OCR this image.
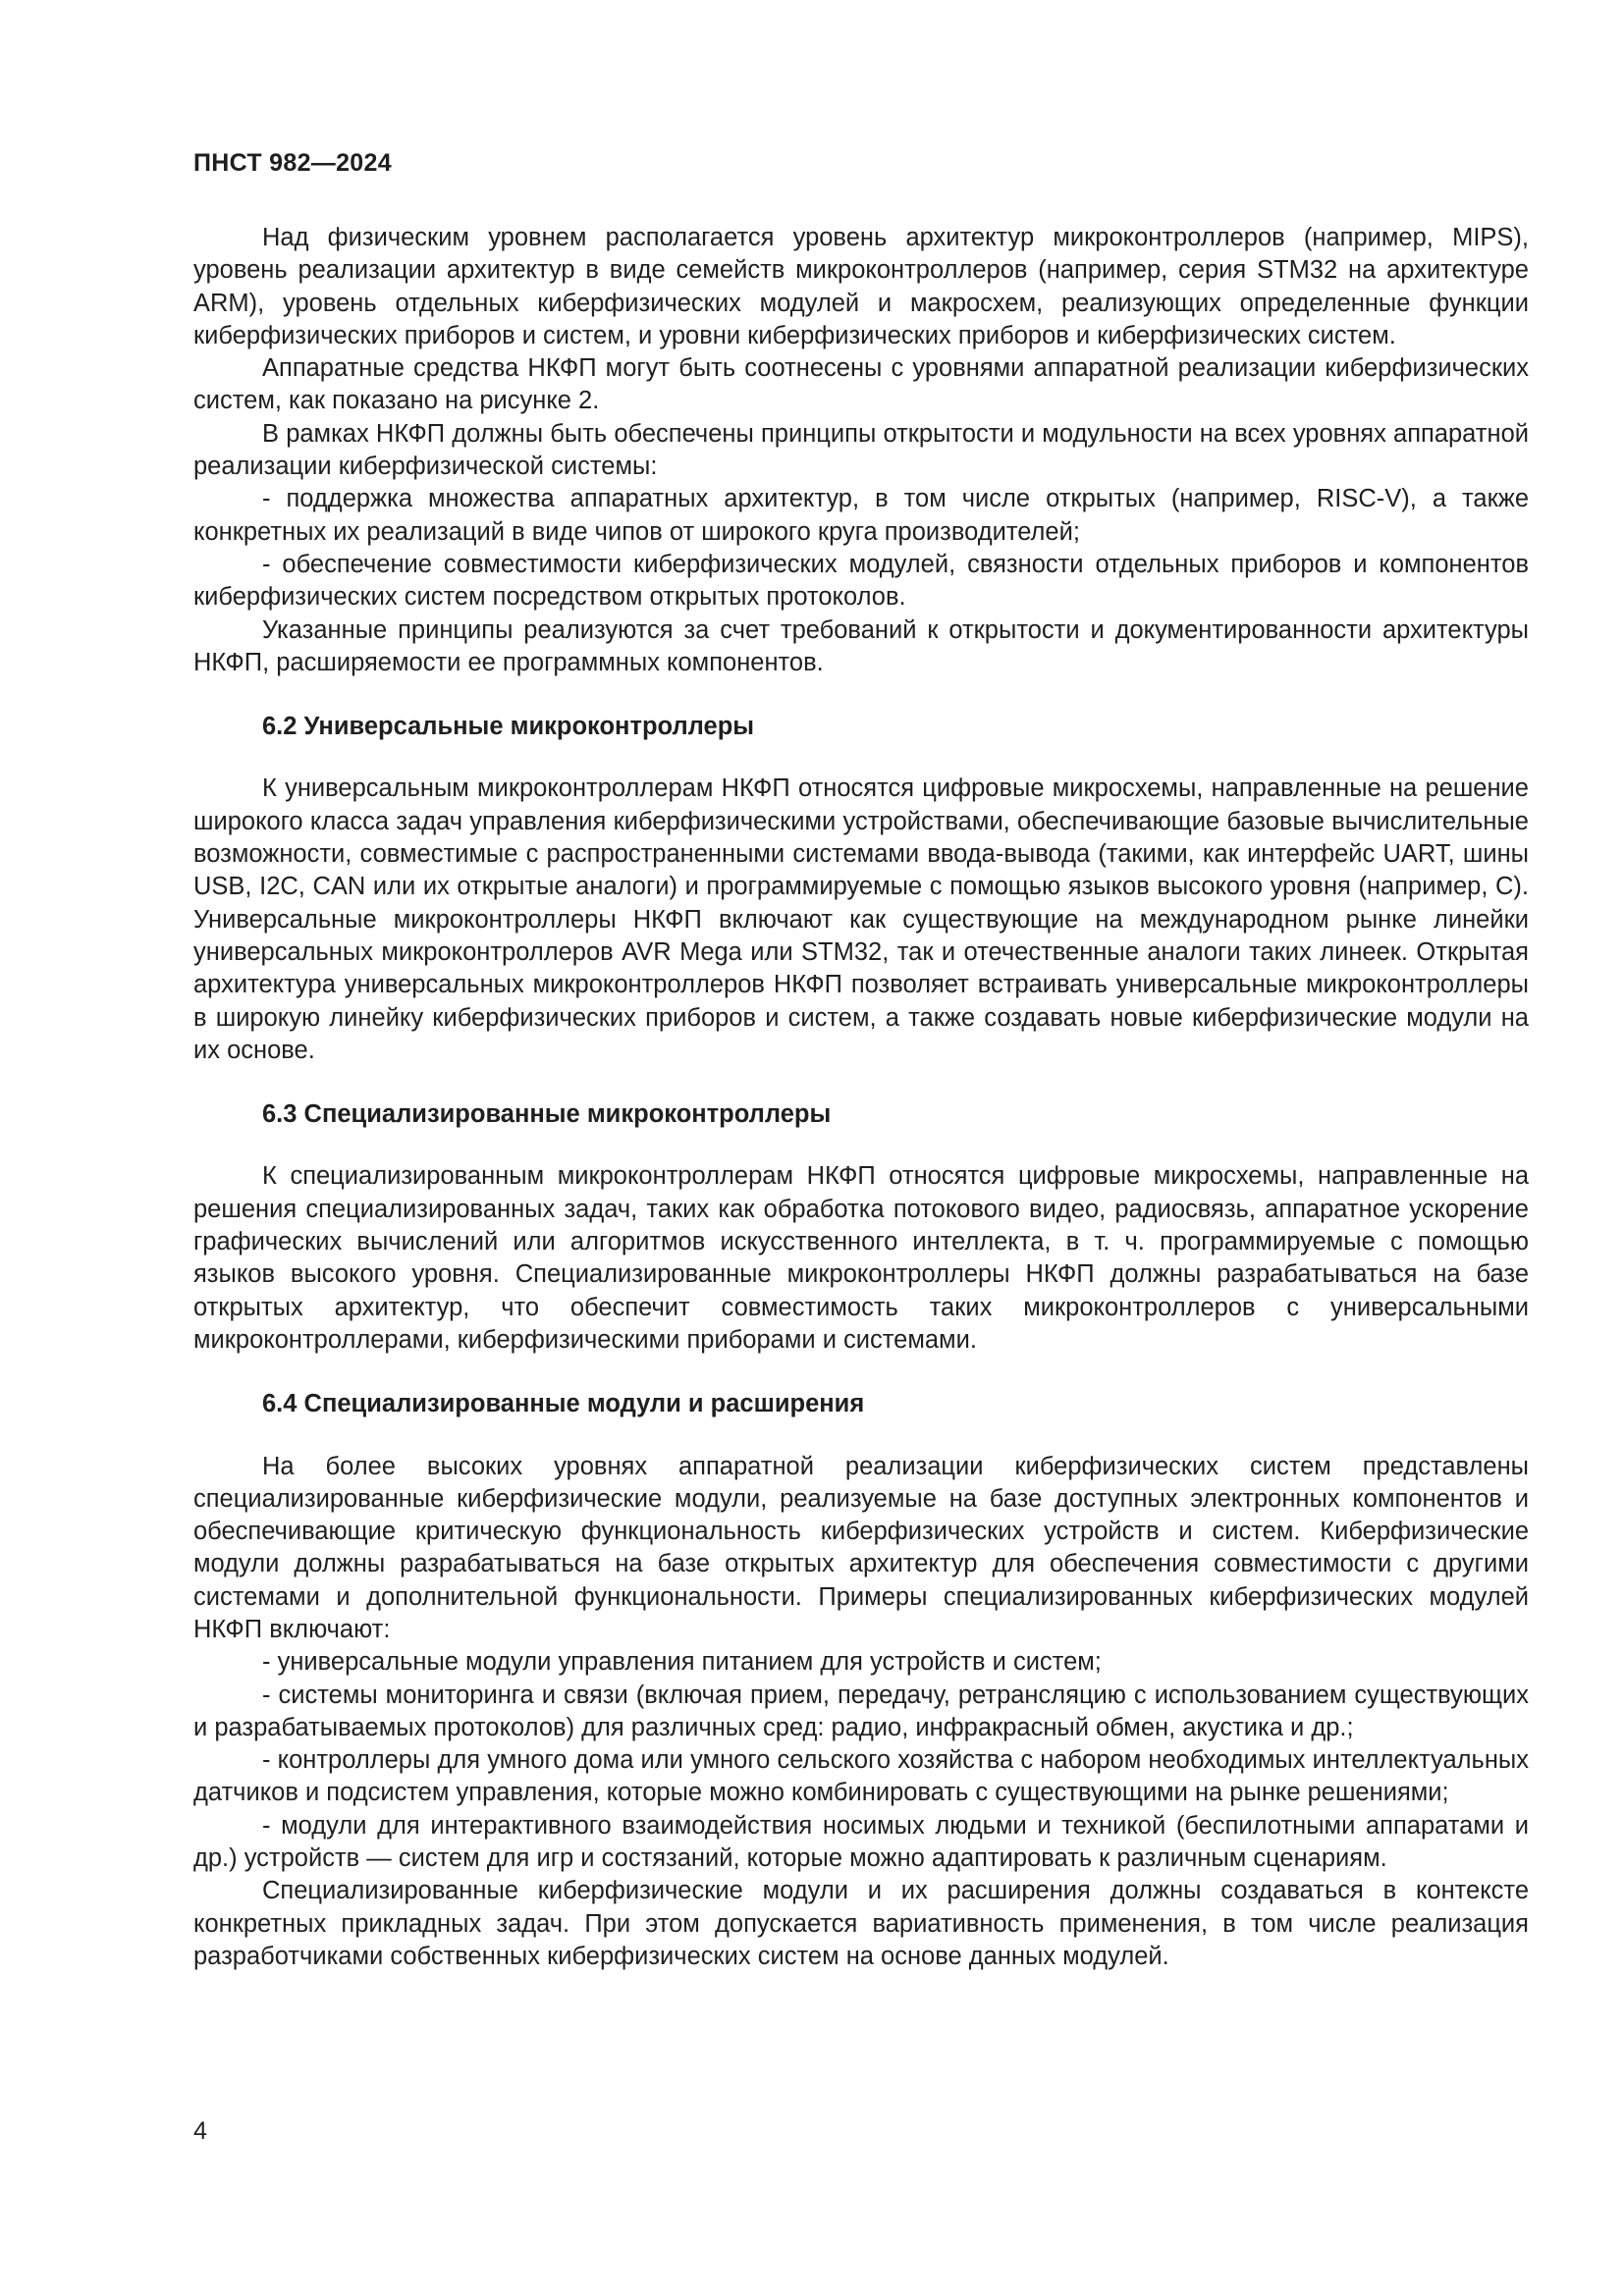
ПНСТ 982—2024

Над физическим уровнем располагается уровень архитектур микроконтроллеров (например, MIPS), уровень реализации архитектур в виде семейств микроконтроллеров (например, серия STM32 на архитектуре ARM), уровень отдельных киберфизических модулей и макросхем, реализующих определенные функции киберфизических приборов и систем, и уровни киберфизических приборов и киберфизических систем.

Аппаратные средства НКФП могут быть соотнесены с уровнями аппаратной реализации киберфизических систем, как показано на рисунке 2.

В рамках НКФП должны быть обеспечены принципы открытости и модульности на всех уровнях аппаратной реализации киберфизической системы:

- поддержка множества аппаратных архитектур, в том числе открытых (например, RISC-V), а также конкретных их реализаций в виде чипов от широкого круга производителей;

- обеспечение совместимости киберфизических модулей, связности отдельных приборов и компонентов киберфизических систем посредством открытых протоколов.

Указанные принципы реализуются за счет требований к открытости и документированности архитектуры НКФП, расширяемости ее программных компонентов.

6.2 Универсальные микроконтроллеры

К универсальным микроконтроллерам НКФП относятся цифровые микросхемы, направленные на решение широкого класса задач управления киберфизическими устройствами, обеспечивающие базовые вычислительные возможности, совместимые с распространенными системами ввода-вывода (такими, как интерфейс UART, шины USB, I2C, CAN или их открытые аналоги) и программируемые с помощью языков высокого уровня (например, С). Универсальные микроконтроллеры НКФП включают как существующие на международном рынке линейки универсальных микроконтроллеров AVR Mega или STM32, так и отечественные аналоги таких линеек. Открытая архитектура универсальных микроконтроллеров НКФП позволяет встраивать универсальные микроконтроллеры в широкую линейку киберфизических приборов и систем, а также создавать новые киберфизические модули на их основе.

6.3 Специализированные микроконтроллеры

К специализированным микроконтроллерам НКФП относятся цифровые микросхемы, направленные на решения специализированных задач, таких как обработка потокового видео, радиосвязь, аппаратное ускорение графических вычислений или алгоритмов искусственного интеллекта, в т. ч. программируемые с помощью языков высокого уровня. Специализированные микроконтроллеры НКФП должны разрабатываться на базе открытых архитектур, что обеспечит совместимость таких микроконтроллеров с универсальными микроконтроллерами, киберфизическими приборами и системами.

6.4 Специализированные модули и расширения

На более высоких уровнях аппаратной реализации киберфизических систем представлены специализированные киберфизические модули, реализуемые на базе доступных электронных компонентов и обеспечивающие критическую функциональность киберфизических устройств и систем. Киберфизические модули должны разрабатываться на базе открытых архитектур для обеспечения совместимости с другими системами и дополнительной функциональности. Примеры специализированных киберфизических модулей НКФП включают:

- универсальные модули управления питанием для устройств и систем;

- системы мониторинга и связи (включая прием, передачу, ретрансляцию с использованием существующих и разрабатываемых протоколов) для различных сред: радио, инфракрасный обмен, акустика и др.;

- контроллеры для умного дома или умного сельского хозяйства с набором необходимых интеллектуальных датчиков и подсистем управления, которые можно комбинировать с существующими на рынке решениями;

- модули для интерактивного взаимодействия носимых людьми и техникой (беспилотными аппаратами и др.) устройств — систем для игр и состязаний, которые можно адаптировать к различным сценариям.

Специализированные киберфизические модули и их расширения должны создаваться в контексте конкретных прикладных задач. При этом допускается вариативность применения, в том числе реализация разработчиками собственных киберфизических систем на основе данных модулей.

4
